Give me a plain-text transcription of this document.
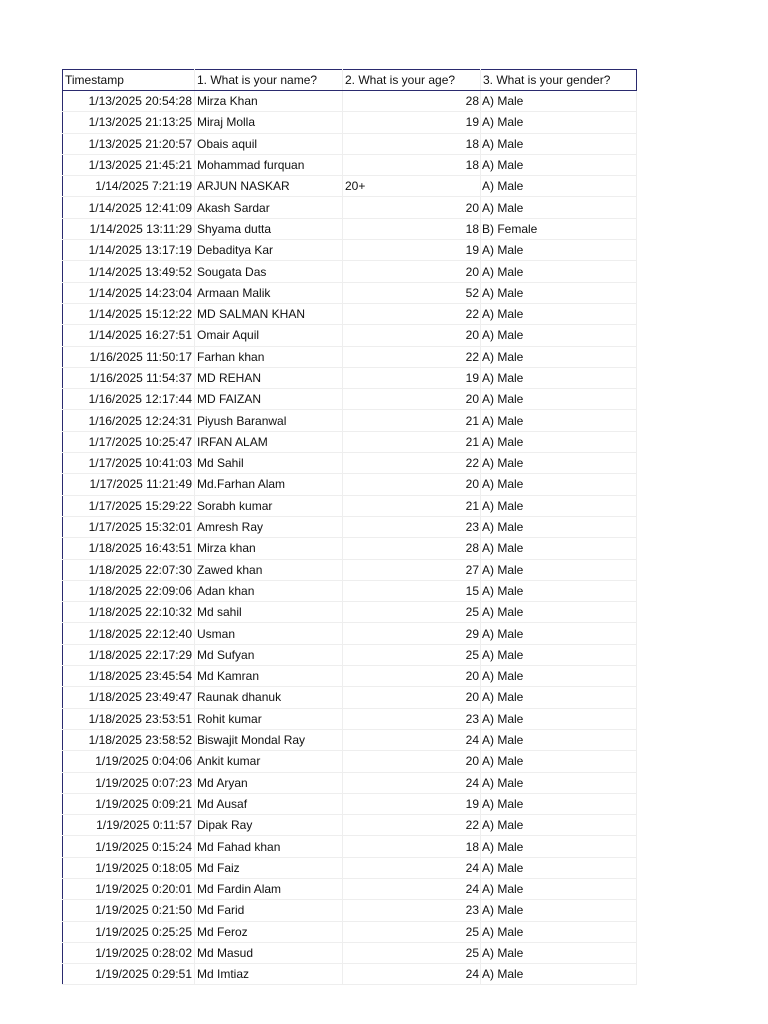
Timestamp	1. What is your name?	2. What is your age?	3. What is your gender?
1/13/2025 20:54:28	Mirza Khan	28	A) Male
1/13/2025 21:13:25	Miraj Molla	19	A) Male
1/13/2025 21:20:57	Obais aquil	18	A) Male
1/13/2025 21:45:21	Mohammad furquan	18	A) Male
1/14/2025 7:21:19	ARJUN NASKAR	20+	A) Male
1/14/2025 12:41:09	Akash Sardar	20	A) Male
1/14/2025 13:11:29	Shyama dutta	18	B) Female
1/14/2025 13:17:19	Debaditya Kar	19	A) Male
1/14/2025 13:49:52	Sougata Das	20	A) Male
1/14/2025 14:23:04	Armaan Malik	52	A) Male
1/14/2025 15:12:22	MD SALMAN KHAN	22	A) Male
1/14/2025 16:27:51	Omair Aquil	20	A) Male
1/16/2025 11:50:17	Farhan khan	22	A) Male
1/16/2025 11:54:37	MD REHAN	19	A) Male
1/16/2025 12:17:44	MD FAIZAN	20	A) Male
1/16/2025 12:24:31	Piyush Baranwal	21	A) Male
1/17/2025 10:25:47	IRFAN ALAM	21	A) Male
1/17/2025 10:41:03	Md Sahil	22	A) Male
1/17/2025 11:21:49	Md.Farhan Alam	20	A) Male
1/17/2025 15:29:22	Sorabh kumar	21	A) Male
1/17/2025 15:32:01	Amresh Ray	23	A) Male
1/18/2025 16:43:51	Mirza khan	28	A) Male
1/18/2025 22:07:30	Zawed khan	27	A) Male
1/18/2025 22:09:06	Adan khan	15	A) Male
1/18/2025 22:10:32	Md sahil	25	A) Male
1/18/2025 22:12:40	Usman	29	A) Male
1/18/2025 22:17:29	Md Sufyan	25	A) Male
1/18/2025 23:45:54	Md Kamran	20	A) Male
1/18/2025 23:49:47	Raunak dhanuk	20	A) Male
1/18/2025 23:53:51	Rohit kumar	23	A) Male
1/18/2025 23:58:52	Biswajit Mondal Ray	24	A) Male
1/19/2025 0:04:06	Ankit kumar	20	A) Male
1/19/2025 0:07:23	Md Aryan	24	A) Male
1/19/2025 0:09:21	Md Ausaf	19	A) Male
1/19/2025 0:11:57	Dipak Ray	22	A) Male
1/19/2025 0:15:24	Md Fahad khan	18	A) Male
1/19/2025 0:18:05	Md Faiz	24	A) Male
1/19/2025 0:20:01	Md Fardin Alam	24	A) Male
1/19/2025 0:21:50	Md Farid	23	A) Male
1/19/2025 0:25:25	Md Feroz	25	A) Male
1/19/2025 0:28:02	Md Masud	25	A) Male
1/19/2025 0:29:51	Md Imtiaz	24	A) Male
